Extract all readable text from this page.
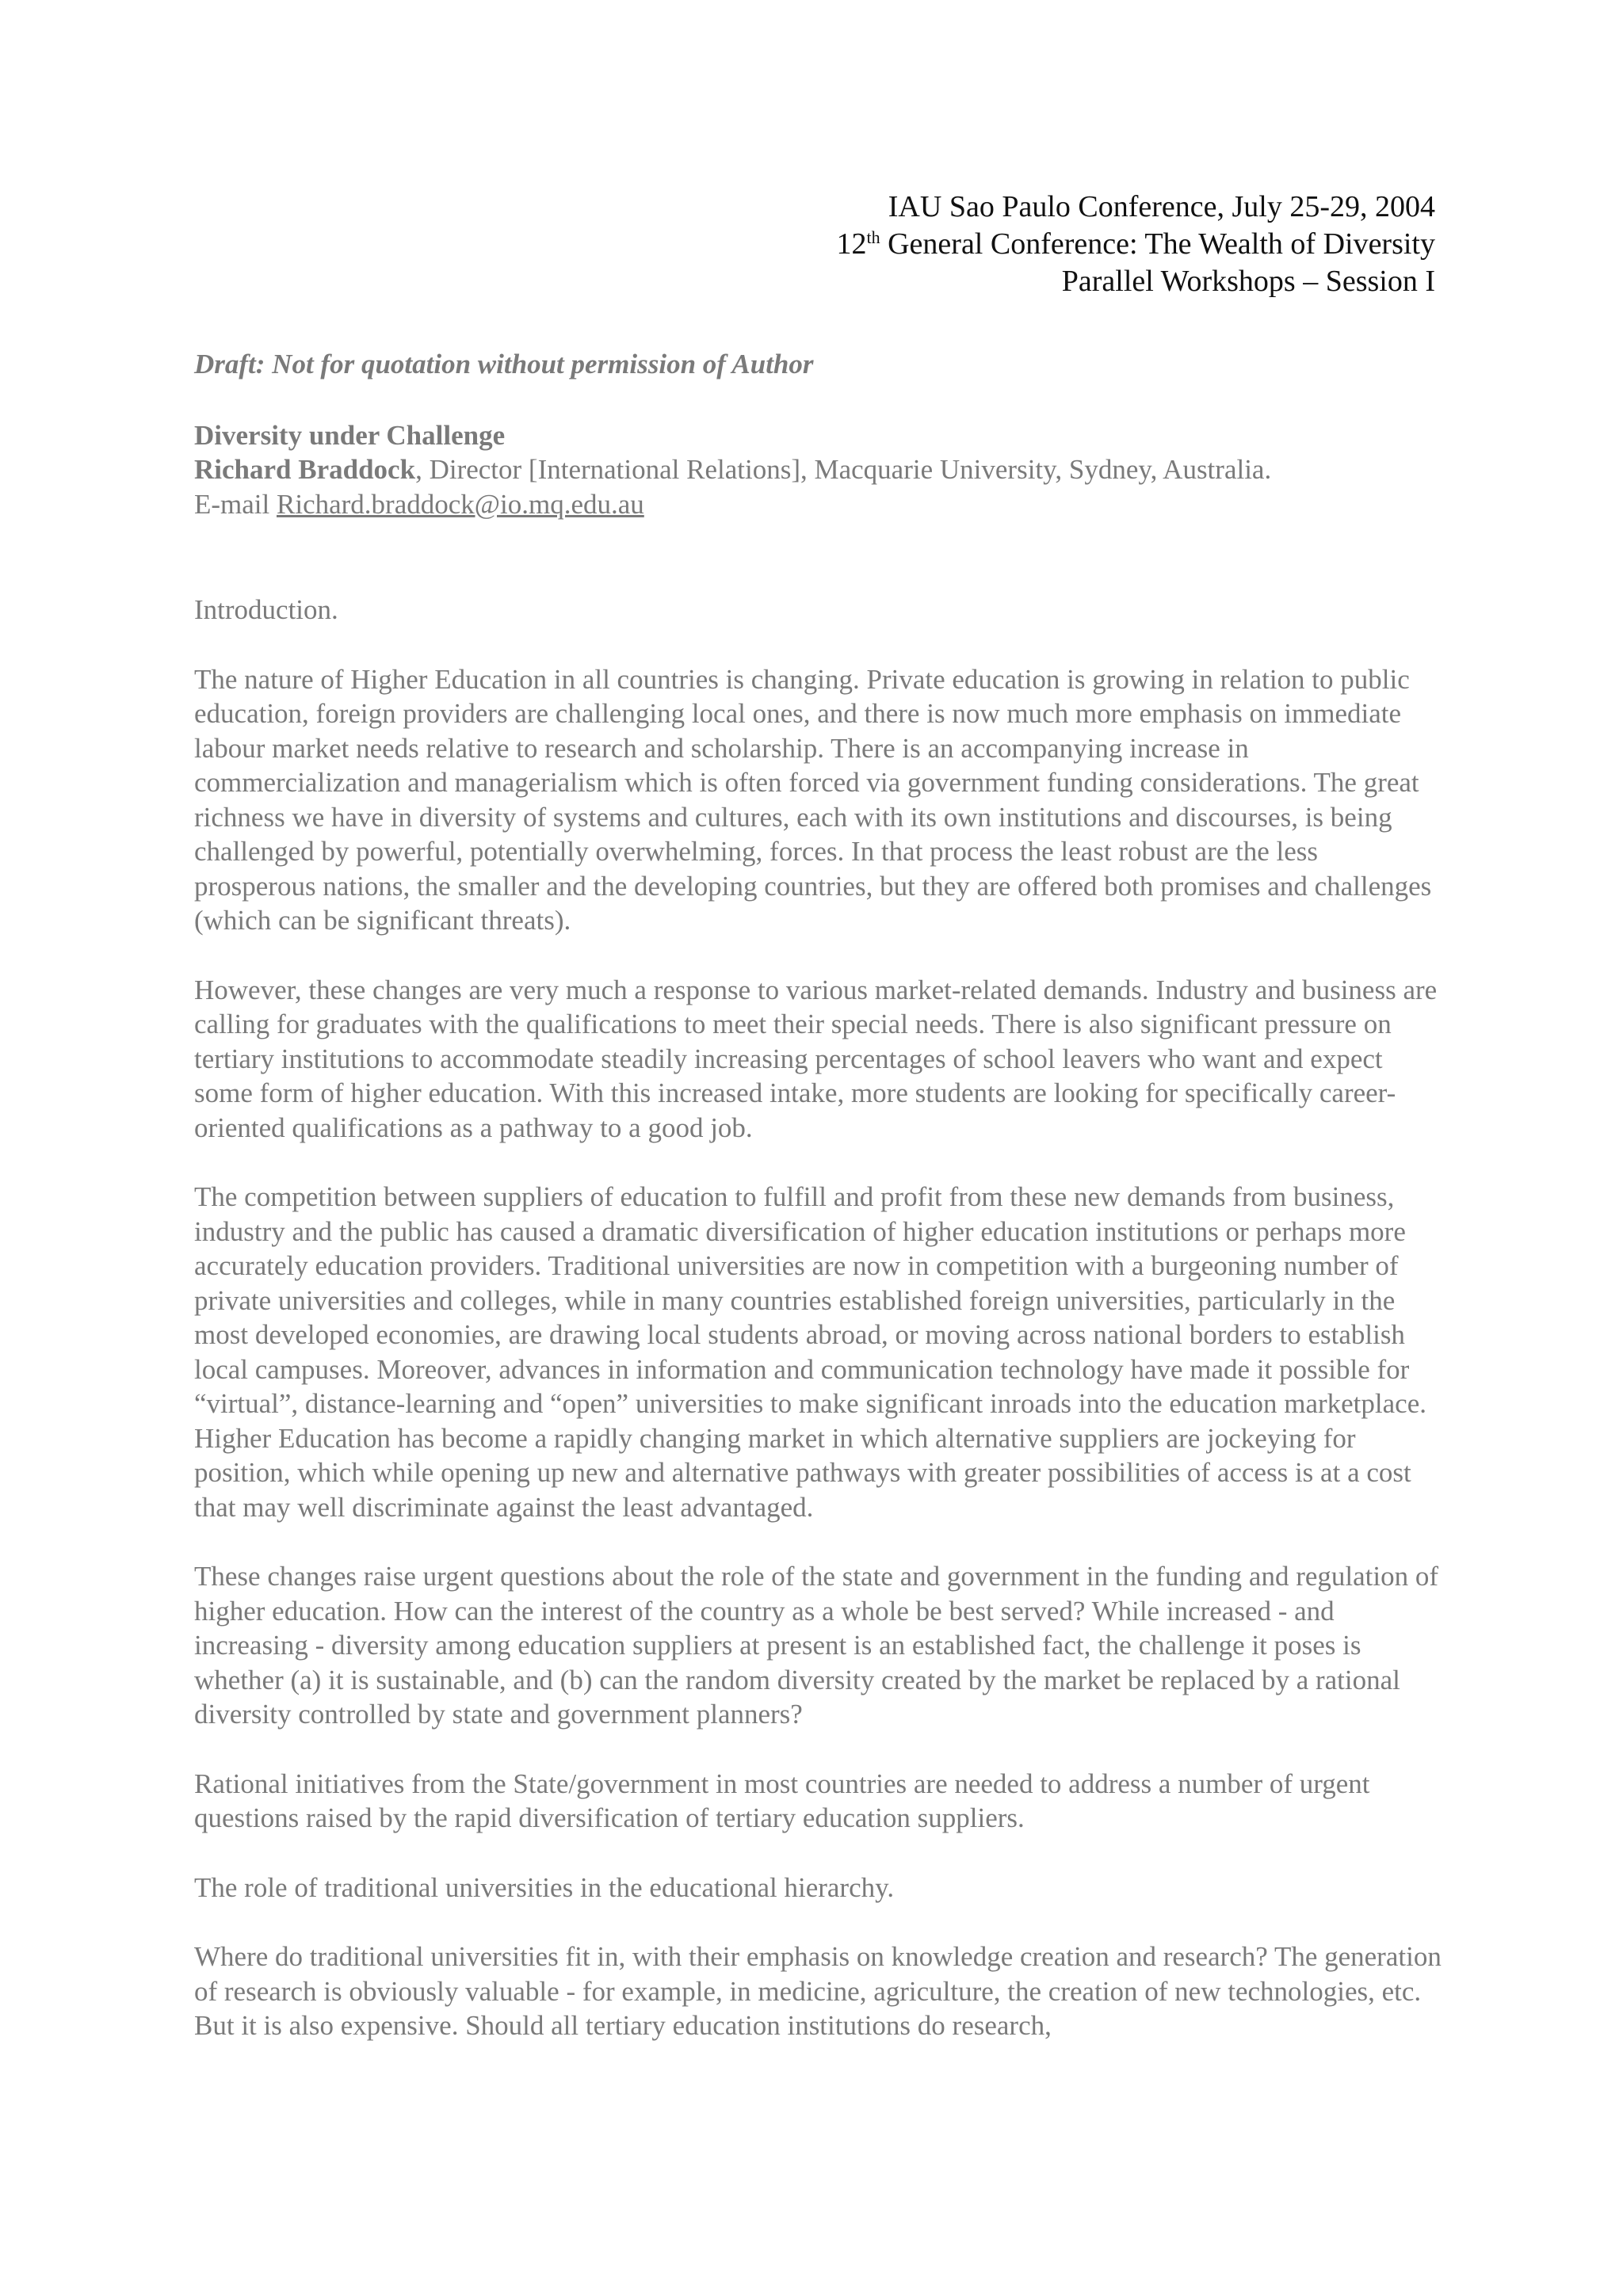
IAU Sao Paulo Conference, July 25-29, 2004
12th General Conference: The Wealth of Diversity
Parallel Workshops – Session I
Draft: Not for quotation without permission of Author
Diversity under Challenge
Richard Braddock, Director [International Relations], Macquarie University, Sydney, Australia.
E-mail Richard.braddock@io.mq.edu.au
Introduction.

The nature of Higher Education in all countries is changing. Private education is growing in relation to public education, foreign providers are challenging local ones, and there is now much more emphasis on immediate labour market needs relative to research and scholarship. There is an accompanying increase in commercialization and managerialism which is often forced via government funding considerations. The great richness we have in diversity of systems and cultures, each with its own institutions and discourses, is being challenged by powerful, potentially overwhelming, forces. In that process the least robust are the less prosperous nations, the smaller and the developing countries, but they are offered both promises and challenges (which can be significant threats).

However, these changes are very much a response to various market-related demands. Industry and business are calling for graduates with the qualifications to meet their special needs. There is also significant pressure on tertiary institutions to accommodate steadily increasing percentages of school leavers who want and expect some form of higher education. With this increased intake, more students are looking for specifically career-oriented qualifications as a pathway to a good job.

The competition between suppliers of education to fulfill and profit from these new demands from business, industry and the public has caused a dramatic diversification of higher education institutions or perhaps more accurately education providers. Traditional universities are now in competition with a burgeoning number of private universities and colleges, while in many countries established foreign universities, particularly in the most developed economies, are drawing local students abroad, or moving across national borders to establish local campuses. Moreover, advances in information and communication technology have made it possible for “virtual”, distance-learning and “open” universities to make significant inroads into the education marketplace. Higher Education has become a rapidly changing market in which alternative suppliers are jockeying for position, which while opening up new and alternative pathways with greater possibilities of access is at a cost that may well discriminate against the least advantaged.

These changes raise urgent questions about the role of the state and government in the funding and regulation of higher education. How can the interest of the country as a whole be best served? While increased - and increasing - diversity among education suppliers at present is an established fact, the challenge it poses is whether (a) it is sustainable, and (b) can the random diversity created by the market be replaced by a rational diversity controlled by state and government planners?

Rational initiatives from the State/government in most countries are needed to address a number of urgent questions raised by the rapid diversification of tertiary education suppliers.

The role of traditional universities in the educational hierarchy.

Where do traditional universities fit in, with their emphasis on knowledge creation and research? The generation of research is obviously valuable - for example, in medicine, agriculture, the creation of new technologies, etc. But it is also expensive. Should all tertiary education institutions do research,
